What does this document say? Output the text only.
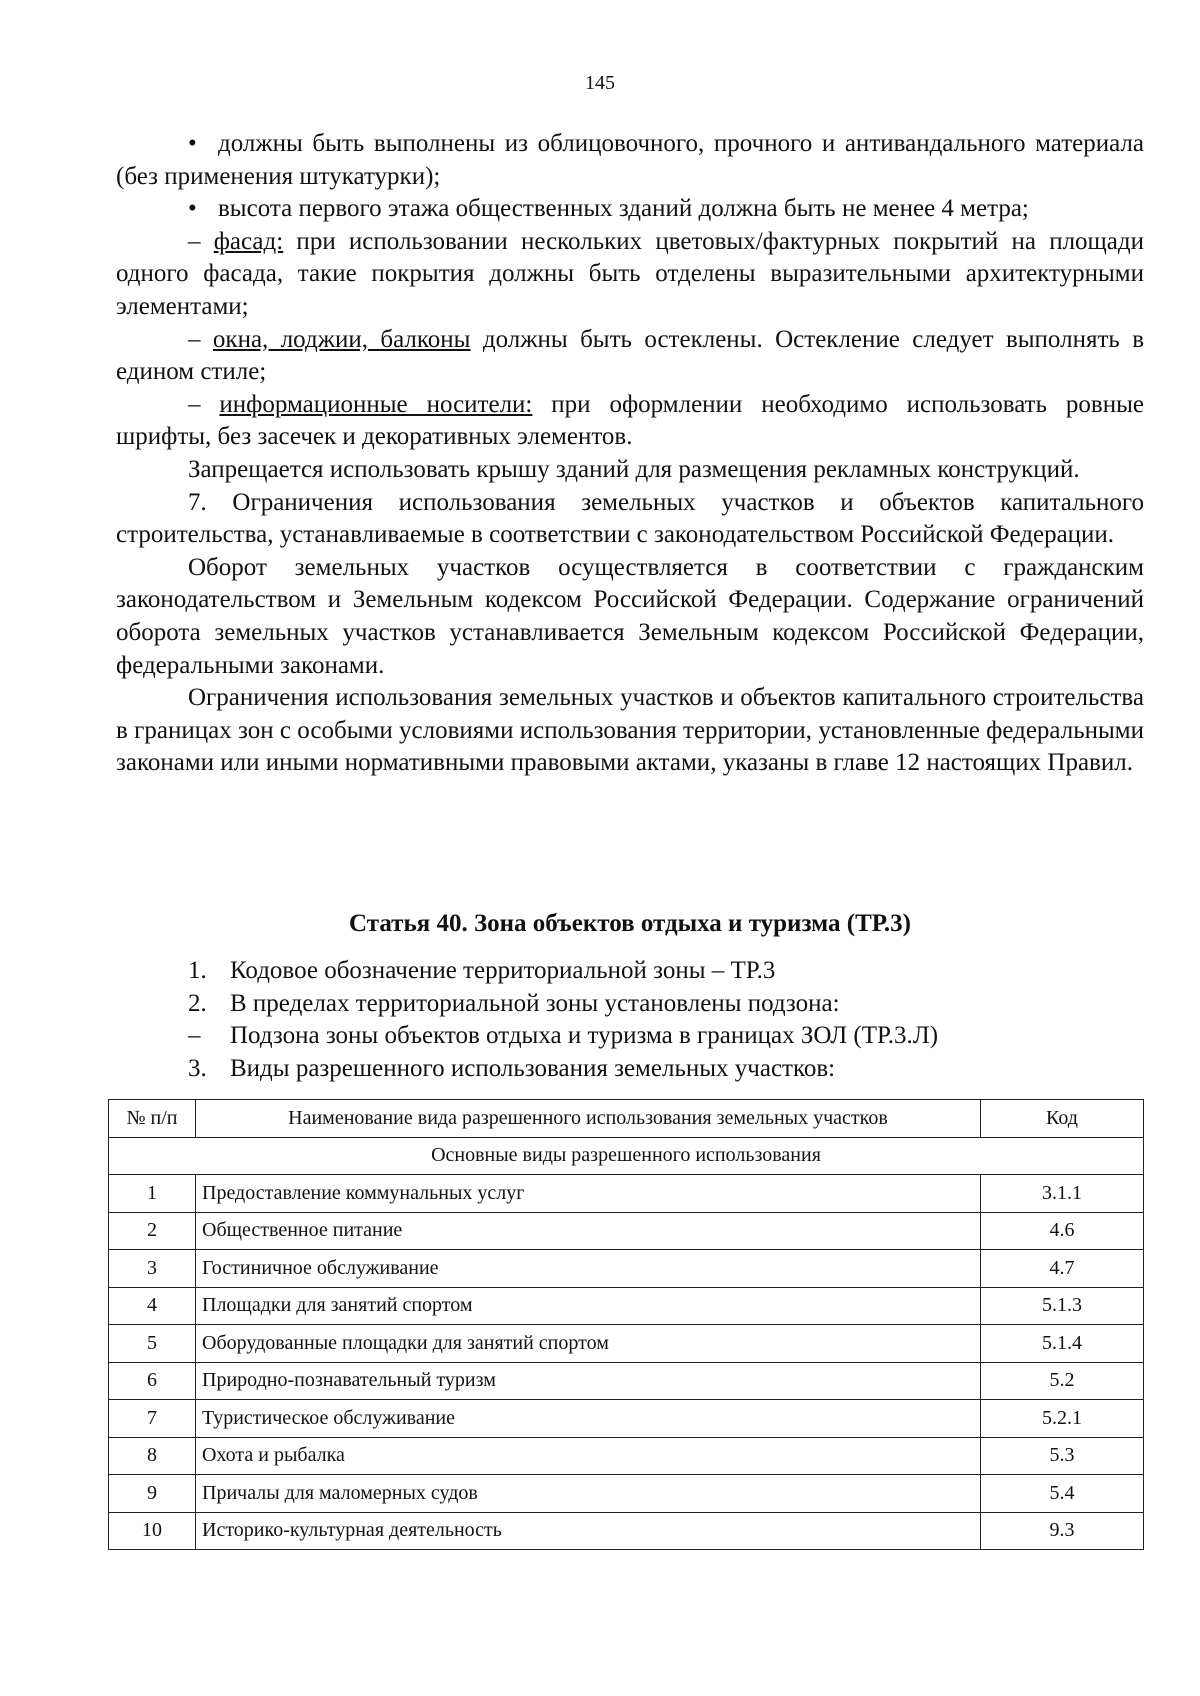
145

• должны быть выполнены из облицовочного, прочного и антивандального материала (без применения штукатурки);

• высота первого этажа общественных зданий должна быть не менее 4 метра;

– фасад: при использовании нескольких цветовых/фактурных покрытий на площади одного фасада, такие покрытия должны быть отделены выразительными архитектурными элементами;

– окна, лоджии, балконы должны быть остеклены. Остекление следует выполнять в едином стиле;

– информационные носители: при оформлении необходимо использовать ровные шрифты, без засечек и декоративных элементов.

Запрещается использовать крышу зданий для размещения рекламных конструкций.

7. Ограничения использования земельных участков и объектов капитального строительства, устанавливаемые в соответствии с законодательством Российской Федерации.

Оборот земельных участков осуществляется в соответствии с гражданским законодательством и Земельным кодексом Российской Федерации. Содержание ограничений оборота земельных участков устанавливается Земельным кодексом Российской Федерации, федеральными законами.

Ограничения использования земельных участков и объектов капитального строительства в границах зон с особыми условиями использования территории, установленные федеральными законами или иными нормативными правовыми актами, указаны в главе 12 настоящих Правил.

Статья 40. Зона объектов отдыха и туризма (ТР.3)
1. Кодовое обозначение территориальной зоны – ТР.3
2. В пределах территориальной зоны установлены подзона:
–	Подзона зоны объектов отдыха и туризма в границах ЗОЛ (ТР.3.Л)
3. Виды разрешенного использования земельных участков:
№ п/п	Наименование вида разрешенного использования земельных участков	Код
Основные виды разрешенного использования		
1	Предоставление коммунальных услуг	3.1.1
2	Общественное питание	4.6
3	Гостиничное обслуживание	4.7
4	Площадки для занятий спортом	5.1.3
5	Оборудованные площадки для занятий спортом	5.1.4
6	Природно-познавательный туризм	5.2
7	Туристическое обслуживание	5.2.1
8	Охота и рыбалка	5.3
9	Причалы для маломерных судов	5.4
10	Историко-культурная деятельность	9.3
